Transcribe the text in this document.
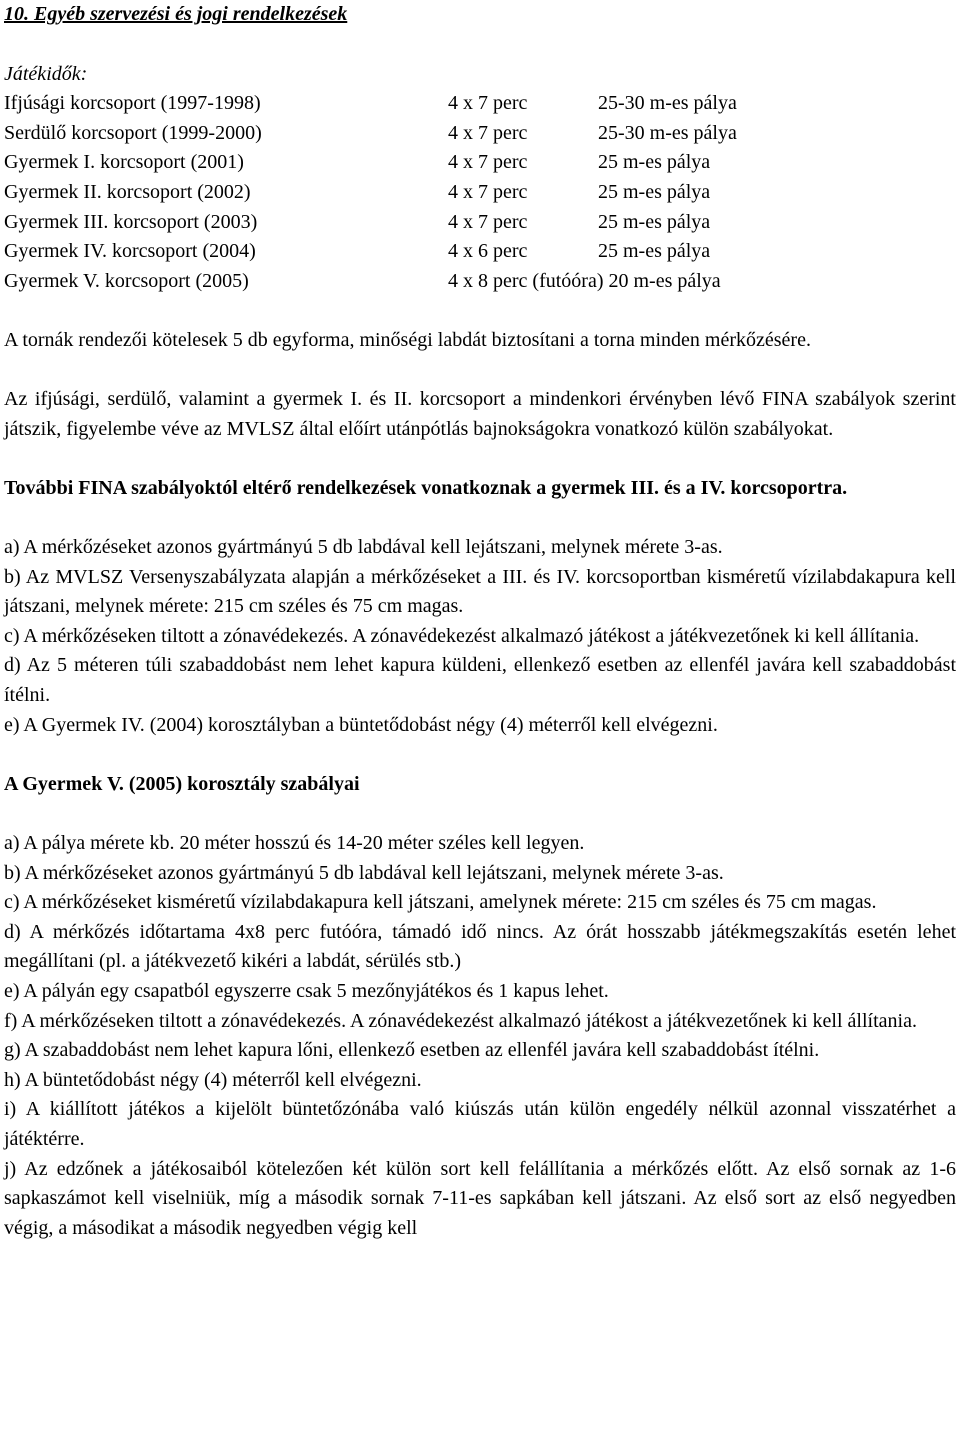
10. Egyéb szervezési és jogi rendelkezések
Játékidők:
Ifjúsági korcsoport (1997-1998)	4 x 7 perc	25-30 m-es pálya
Serdülő korcsoport (1999-2000)	4 x 7 perc	25-30 m-es pálya
Gyermek I. korcsoport (2001)	4 x 7 perc	25 m-es pálya
Gyermek II. korcsoport (2002)	4 x 7 perc	25 m-es pálya
Gyermek III. korcsoport (2003)	4 x 7 perc	25 m-es pálya
Gyermek IV. korcsoport (2004)	4 x 6 perc	25 m-es pálya
Gyermek V. korcsoport (2005)	4 x 8 perc (futóóra) 20 m-es pálya

A tornák rendezői kötelesek 5 db egyforma, minőségi labdát biztosítani a torna minden mérkőzésére.

Az ifjúsági, serdülő, valamint a gyermek I. és II. korcsoport a mindenkori érvényben lévő FINA szabályok szerint játszik, figyelembe véve az MVLSZ által előírt utánpótlás bajnokságokra vonatkozó külön szabályokat.

További FINA szabályoktól eltérő rendelkezések vonatkoznak a gyermek III. és a IV. korcsoportra.

a) A mérkőzéseket azonos gyártmányú 5 db labdával kell lejátszani, melynek mérete 3-as.

b) Az MVLSZ Versenyszabályzata alapján a mérkőzéseket a III. és IV. korcsoportban kisméretű vízilabdakapura kell játszani, melynek mérete: 215 cm széles és 75 cm magas.

c) A mérkőzéseken tiltott a zónavédekezés. A zónavédekezést alkalmazó játékost a játékvezetőnek ki kell állítania.

d) Az 5 méteren túli szabaddobást nem lehet kapura küldeni, ellenkező esetben az ellenfél javára kell szabaddobást ítélni.

e) A Gyermek IV. (2004) korosztályban a büntetődobást négy (4) méterről kell elvégezni.

A Gyermek V. (2005) korosztály szabályai

a) A pálya mérete kb. 20 méter hosszú és 14-20 méter széles kell legyen.

b) A mérkőzéseket azonos gyártmányú 5 db labdával kell lejátszani, melynek mérete 3-as.

c) A mérkőzéseket kisméretű vízilabdakapura kell játszani, amelynek mérete: 215 cm széles és 75 cm magas.

d) A mérkőzés időtartama 4x8 perc futóóra, támadó idő nincs. Az órát hosszabb játékmegszakítás esetén lehet megállítani (pl. a játékvezető kikéri a labdát, sérülés stb.)

e) A pályán egy csapatból egyszerre csak 5 mezőnyjátékos és 1 kapus lehet.

f) A mérkőzéseken tiltott a zónavédekezés. A zónavédekezést alkalmazó játékost a játékvezetőnek ki kell állítania.

g) A szabaddobást nem lehet kapura lőni, ellenkező esetben az ellenfél javára kell szabaddobást ítélni.

h) A büntetődobást négy (4) méterről kell elvégezni.

i) A kiállított játékos a kijelölt büntetőzónába való kiúszás után külön engedély nélkül azonnal visszatérhet a játéktérre.

j) Az edzőnek a játékosaiból kötelezően két külön sort kell felállítania a mérkőzés előtt. Az első sornak az 1-6 sapkaszámot kell viselniük, míg a második sornak 7-11-es sapkában kell játszani. Az első sort az első negyedben végig, a másodikat a második negyedben végig kell
